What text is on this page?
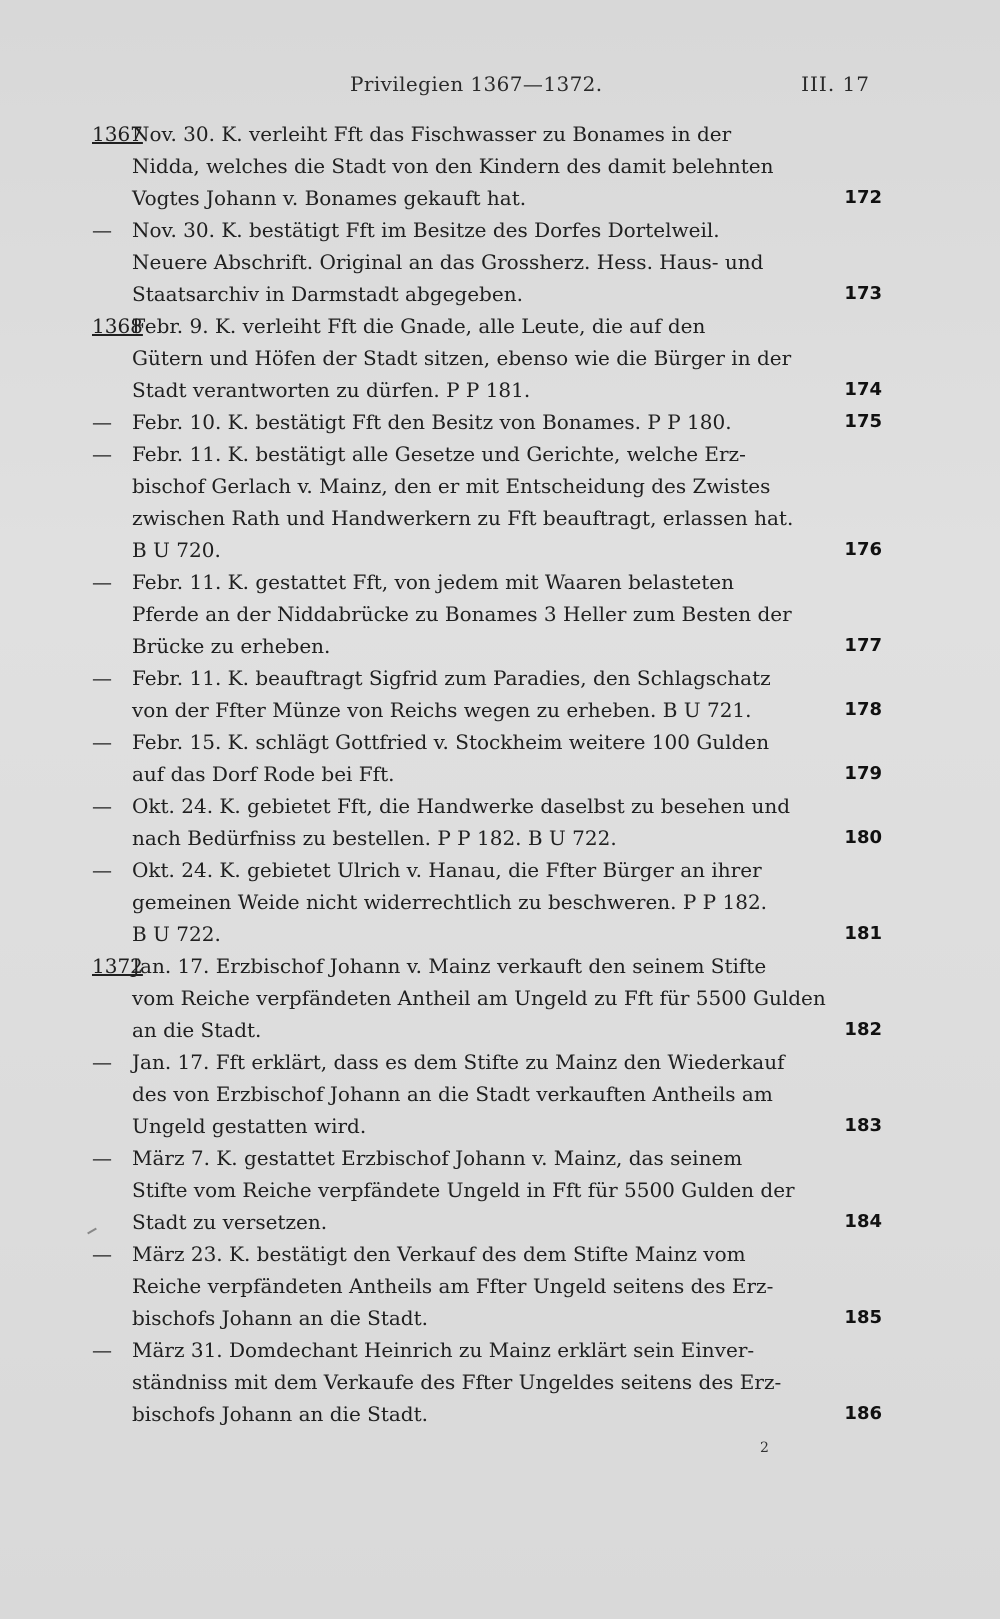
Privilegien 1367—1372.	III. 17
1367
Nov. 30. K. verleiht Fft das Fischwasser zu Bonames in der
Nidda, welches die Stadt von den Kindern des damit belehnten
Vogtes Johann v. Bonames gekauft hat.	172
—	Nov. 30. K. bestätigt Fft im Besitze des Dorfes Dortelweil.
Neuere Abschrift. Original an das Grossherz. Hess. Haus- und
Staatsarchiv in Darmstadt abgegeben.	173
1368
Febr. 9. K. verleiht Fft die Gnade, alle Leute, die auf den
Gütern und Höfen der Stadt sitzen, ebenso wie die Bürger in der
Stadt verantworten zu dürfen. P P 181.	174
—	Febr. 10. K. bestätigt Fft den Besitz von Bonames. P P 180.	175
—	Febr. 11. K. bestätigt alle Gesetze und Gerichte, welche Erz-
bischof Gerlach v. Mainz, den er mit Entscheidung des Zwistes
zwischen Rath und Handwerkern zu Fft beauftragt, erlassen hat.
B U 720.	176
—	Febr. 11. K. gestattet Fft, von jedem mit Waaren belasteten
Pferde an der Niddabrücke zu Bonames 3 Heller zum Besten der
Brücke zu erheben.	177
—	Febr. 11. K. beauftragt Sigfrid zum Paradies, den Schlagschatz
von der Ffter Münze von Reichs wegen zu erheben. B U 721.	178
—	Febr. 15. K. schlägt Gottfried v. Stockheim weitere 100 Gulden
auf das Dorf Rode bei Fft.	179
—	Okt. 24. K. gebietet Fft, die Handwerke daselbst zu besehen und
nach Bedürfniss zu bestellen. P P 182. B U 722.	180
—	Okt. 24. K. gebietet Ulrich v. Hanau, die Ffter Bürger an ihrer
gemeinen Weide nicht widerrechtlich zu beschweren. P P 182.
B U 722.	181
1372
Jan. 17. Erzbischof Johann v. Mainz verkauft den seinem Stifte
vom Reiche verpfändeten Antheil am Ungeld zu Fft für 5500 Gulden
an die Stadt.	182
—	Jan. 17. Fft erklärt, dass es dem Stifte zu Mainz den Wiederkauf
des von Erzbischof Johann an die Stadt verkauften Antheils am
Ungeld gestatten wird.	183
—	März 7. K. gestattet Erzbischof Johann v. Mainz, das seinem
Stifte vom Reiche verpfändete Ungeld in Fft für 5500 Gulden der
Stadt zu versetzen.	184
—	März 23. K. bestätigt den Verkauf des dem Stifte Mainz vom
Reiche verpfändeten Antheils am Ffter Ungeld seitens des Erz-
bischofs Johann an die Stadt.	185
—	März 31. Domdechant Heinrich zu Mainz erklärt sein Einver-
ständniss mit dem Verkaufe des Ffter Ungeldes seitens des Erz-
bischofs Johann an die Stadt.	186
2
